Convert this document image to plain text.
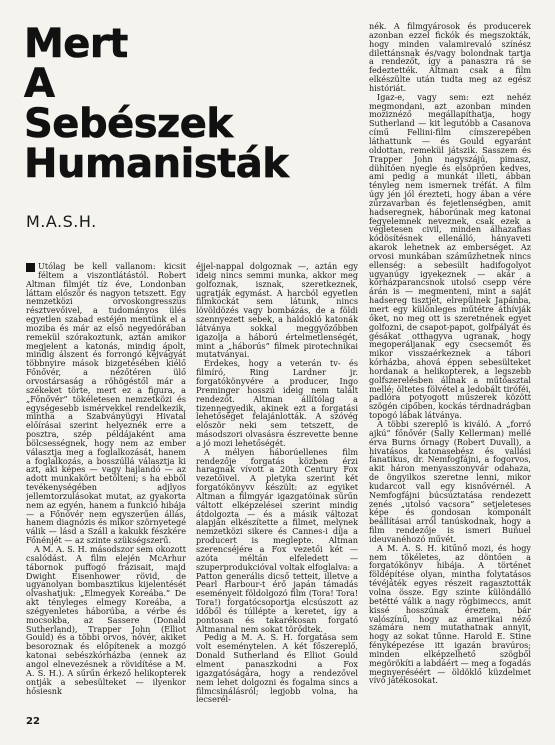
Mert
A
Sebészek
Humanisták
M.A.S.H.

Utólag be kell vallanom: kicsit féltem a viszontlátástól. Robert Altman filmjét tíz éve, Londonban láttam először és nagyon tetszett. Egy nemzetközi orvoskongresszus résztvevőivel, a tudományos ülés egyetlen szabad estéjén mentünk el a moziba és már az első negyedórában remekül szórakoztunk, aztán amikor megjelent a katonás, mindig ápolt, mindig álszent és forrongó kéjvágyát többnyire mások bizgetésében kiélő Főnővér, a nézőtéren ülő orvostársaság a röhögéstől már a székeket törte, mert ez a figura, a „Főnővér” tökéletesen nemzetközi és egységesebb ismérvekkel rendelkezik, mintha a Szabványügyi Hivatal előírásai szerint helyeznék erre a posztra, szép példájaként ama bölcsességnek, hogy nem az ember választja meg a foglalkozását, hanem a foglalkozás, a bosszúllá választja ki azt, aki képes — vagy hajlandó — az adott munkakört betölteni; s ha ebből tevékenységében adjlyos jellemtorzulásokat mutat, az gyakorta nem az egyén, hanem a funkció hibája — a Főnővér nem egyszerűen állás, hanem diagnózis és mikor szörnyetegé válik — lásd a Száll a kakukk fészkére Főnénjét — az szinte szükségszerű.

A M. A. S. H. másodszor sem okozott csalódást. A film elején McArhur tábornok puffogó frázisait, majd Dwight Eisenhower rövid, de ugyanolyan bombasztikus kijelentését olvashatjuk: „Elmegyek Koreába.” De akt tényleges elmegy Koreába, a szégyenletes háborúba, a vérbe és mocsokba, az Sassere (Donald Sutherland), Trapper John (Elliot Gould) és a többi orvos, nővér, akiket besoroznak és előpítenek a mozgó katonai sebészkórházba (ennek az angol elnevezésnek a rövidítése a M. A. S. H.). A sűrűn érkező helikopterek ontják a sebesülteket — ilyenkor hősiesnk

éjjel-nappal dolgoznak —, aztán egy ideig nincs semmi munka, akkor meg golfoznak, isznak, szeretkeznek, ugratják egymást. A harcból egyetlen filmkockát sem látunk, nincs lövöldözés vagy bombázás, de a földi szennyezett sebek, a haldokló katonák látványa sokkal meggyőzőbben igazolja a háború értelmetlenségét, mint a „háborús” filmek pirotechnikai mutatványai.

Érdekes, hogy a veterán tv- és filmíró, Ring Lardner jr. forgatókönyvére a producer, Ingo Preminger hosszú ideig nem talált rendezőt. Altman állítólag a tizennegyedik, akinek ezt a forgatási lehetőséget felajánlották. A szóvég először neki sem tetszett, de másodszori olvasásra észrevette benne a jó mozi lehetőségét.

A mélyen háborúellenes film rendezője forgatás közben érzi haragnak vívott a 20th Century Fox vezetőivel. A pletyka szerint két forgatókönyvv készült: az egyiket Altman a filmgyár igazgatóinak sűrűn váltott elképzelései szerint mindig átdolgozta — és a másik változat alapján elkészítette a filmet, melynek nemzetközi sikere és Cannes-i díja a producert is meglepte. Altman szerencséjére a Fox vezetői két — azóta méltán elfeledett — szuperprodukcióval voltak elfoglalva: a Patton generális dicső tetteit, illetve a Pearl Harbour-t érő japán támadás eseményeit földolgozó film (Tora! Tora! Tora!) forgatócsoportja elcsúszott az időből és túllépte a keretet, így a pontosan és takarékosan forgató Altmannal nem sokat törődtek.

Pedig a M. A. S. H. forgatása sem volt eseménytelen. A két főszereplő, Donald Sutherland és Elliot Gould elment panaszkodni a Fox igazgatóságára, hogy a rendezővel nem lehet dolgozni és fogalma sincs a filmcsinálásról; legjobb volna, ha lecserél-

nék. A filmgyárosok és producerek azonban ezzel fickók és megszokták, hogy minden valamirevaló színész dilettánsnak és/vagy bolondnak tartja a rendezőt, így a panaszra rá se fedeztették. Altman csak a film elkészülte után tudta meg az egész históriát.

Igaz-e, vagy sem: ezt nehéz megmondani, azt azonban minden moziznéző megállapíthatja, hogy Sutherland — kit legutóbb a Casanova című Fellini-film címszerepében láthattunk — és Gould egyaránt oldottan, remekül játszik. Sasszem és Trapper John nagyszájú, pimasz, dühítően nyegle és elsöprően kedves, ami pedig a munkát illeti, ábban tényleg nem ismernek tréfát. A film úgy jén jól érezteti, hogy ában a vére zűrzavarban és fejetlenségben, amit hadseregnek, háborúnak meg katonai fegyelemnek neveznek, csak ezek a végletesen civil, minden álhazafias kódösítésnek ellenálló, hányaveti akarok lehetnek az emberséget. Az orvosi munkában száműzhetnek nincs ellenség: a sebesült hadifogolyot ugyanúgy igyekeznek — akár a kórházparancsnok utolsó csepp vére árán is — megmenteni, mint a saját hadsereg tisztjét, elrepülnek Japánba, mert egy különleges műtétre áthívják őket, no meg ott is szeretnének egyet golfozni, de csapot-papot, golfpályát és gésákat otthagyva ugranak, hogy megoperáljanak egy csecsemőt és mikor visszaérkeznek a tábori kórházba, ahová éppen sebesülteket hordanak a helikopterek, a legszebb golfszerelésben állnak a műtőasztal mellé; öltetes fölvétel a ledobált tiróféi, padlóra potyogott műszerek között szögén cipőben, kockás térdnadrágban topogó lábak látványa.

A többi szereplő is kiváló. A „forró ajkú” főnővér (Sally Kellerman) mellé érva Burns őrnagy (Robert Duvall), a hivatásos katonasebész és vallási fanatikus, dr. Nemfogfájni, a fogorvos, akit háron menyasszonyvár odahaza, de öngyilkos szeretne lenni, mikor kudarcot vall egy kisnővérnél. A Nemfogfájni búcsúztatása rendezett zenés „utolsó vacsora” setjeleteses képe és gondosan komponált beállításai arról tanúskodnak, hogy a film rendezője is ismeri Buñuel ideuvanéhozó művét.

A M. A. S. H. kitűnő mozi, és hogy nem tökéletes, az döntően a forgatókönyv hibája. A történet földépítése olyan, mintha folytatásos tévéjáték egyes részeit ragasztották volna össze. Egy szinte különdálló betétté válik a nagy rögbimeccs, amit kissé hosszúnak éreztem, bár valószínű, hogy az amerikai néző számára nem mutathatnak annyit, hogy az sokat tűnne. Harold E. Stine fényképezése itt igazán bravúros; minden elképzelhető szögből megörökíti a labdáért — meg a fogadás megnyeréséért — öldöklő küzdelmet vívó játékosokat.

22
